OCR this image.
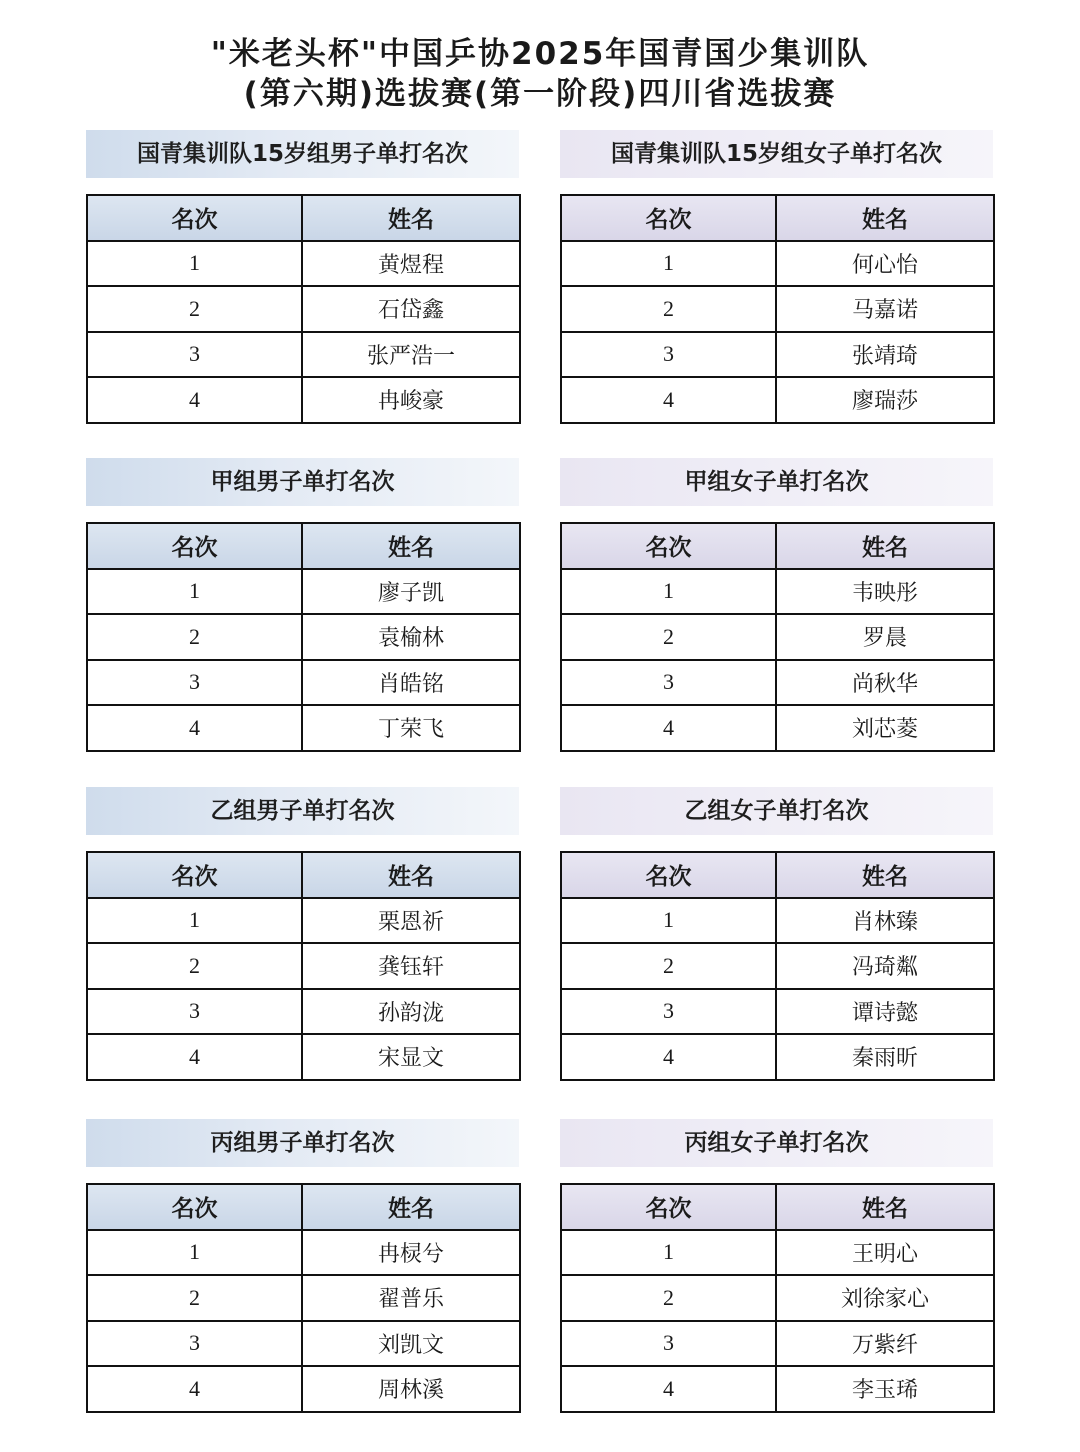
"米老头杯"中国乒协2025年国青国少集训队
(第六期)选拔赛(第一阶段)四川省选拔赛
国青集训队15岁组男子单打名次
名次	姓名
1	黄煜程
2	石岱鑫
3	张严浩一
4	冉峻豪
国青集训队15岁组女子单打名次
名次	姓名
1	何心怡
2	马嘉诺
3	张靖琦
4	廖瑞莎
甲组男子单打名次
名次	姓名
1	廖子凯
2	袁榆林
3	肖皓铭
4	丁荣飞
甲组女子单打名次
名次	姓名
1	韦映彤
2	罗晨
3	尚秋华
4	刘芯菱
乙组男子单打名次
名次	姓名
1	栗恩祈
2	龚钰轩
3	孙韵泷
4	宋显文
乙组女子单打名次
名次	姓名
1	肖林臻
2	冯琦粼
3	谭诗懿
4	秦雨昕
丙组男子单打名次
名次	姓名
1	冉棂兮
2	翟普乐
3	刘凯文
4	周林溪
丙组女子单打名次
名次	姓名
1	王明心
2	刘徐家心
3	万紫纤
4	李玉琋
